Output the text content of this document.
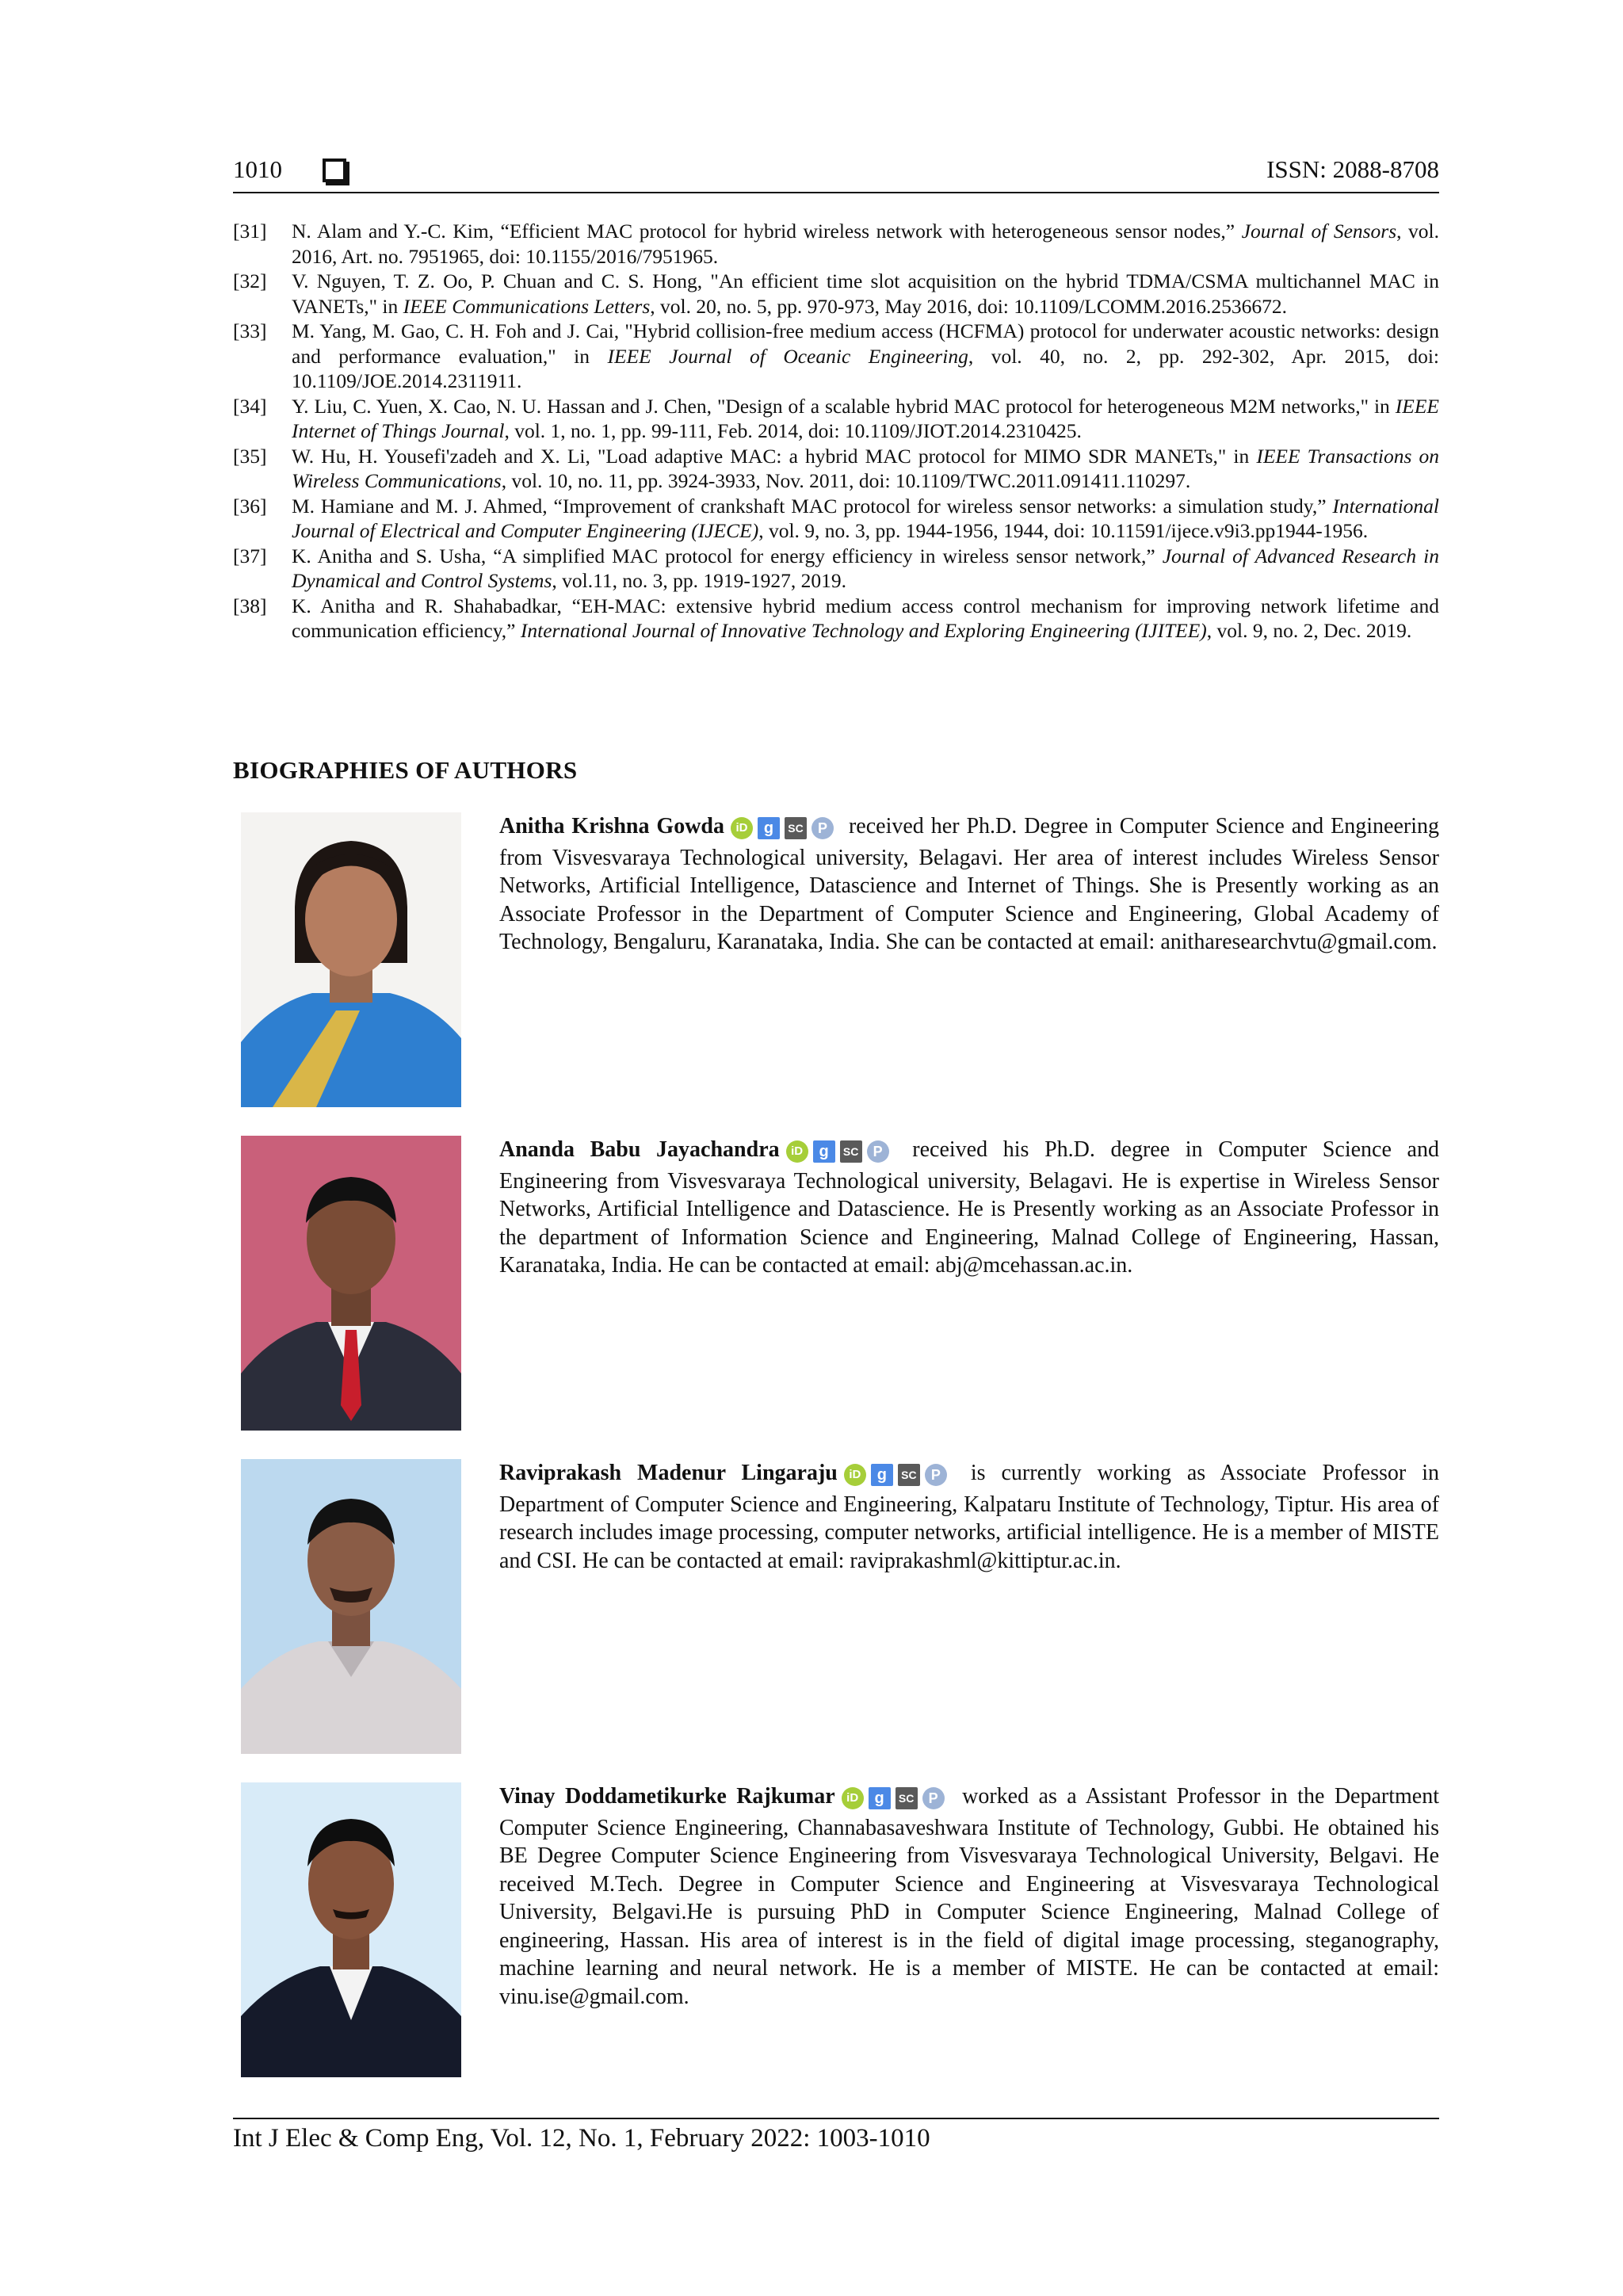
1010	ISSN: 2088-8708

[31] N. Alam and Y.-C. Kim, “Efficient MAC protocol for hybrid wireless network with heterogeneous sensor nodes,” Journal of Sensors, vol. 2016, Art. no. 7951965, doi: 10.1155/2016/7951965.

[32] V. Nguyen, T. Z. Oo, P. Chuan and C. S. Hong, "An efficient time slot acquisition on the hybrid TDMA/CSMA multichannel MAC in VANETs," in IEEE Communications Letters, vol. 20, no. 5, pp. 970-973, May 2016, doi: 10.1109/LCOMM.2016.2536672.

[33] M. Yang, M. Gao, C. H. Foh and J. Cai, "Hybrid collision-free medium access (HCFMA) protocol for underwater acoustic networks: design and performance evaluation," in IEEE Journal of Oceanic Engineering, vol. 40, no. 2, pp. 292-302, Apr. 2015, doi: 10.1109/JOE.2014.2311911.

[34] Y. Liu, C. Yuen, X. Cao, N. U. Hassan and J. Chen, "Design of a scalable hybrid MAC protocol for heterogeneous M2M networks," in IEEE Internet of Things Journal, vol. 1, no. 1, pp. 99-111, Feb. 2014, doi: 10.1109/JIOT.2014.2310425.

[35] W. Hu, H. Yousefi'zadeh and X. Li, "Load adaptive MAC: a hybrid MAC protocol for MIMO SDR MANETs," in IEEE Transactions on Wireless Communications, vol. 10, no. 11, pp. 3924-3933, Nov. 2011, doi: 10.1109/TWC.2011.091411.110297.

[36] M. Hamiane and M. J. Ahmed, “Improvement of crankshaft MAC protocol for wireless sensor networks: a simulation study,” International Journal of Electrical and Computer Engineering (IJECE), vol. 9, no. 3, pp. 1944-1956, 1944, doi: 10.11591/ijece.v9i3.pp1944-1956.

[37] K. Anitha and S. Usha, “A simplified MAC protocol for energy efficiency in wireless sensor network,” Journal of Advanced Research in Dynamical and Control Systems, vol.11, no. 3, pp. 1919-1927, 2019.

[38] K. Anitha and R. Shahabadkar, “EH-MAC: extensive hybrid medium access control mechanism for improving network lifetime and communication efficiency,” International Journal of Innovative Technology and Exploring Engineering (IJITEE), vol. 9, no. 2, Dec. 2019.

BIOGRAPHIES OF AUTHORS
Anitha Krishna Gowda iD g SC P received her Ph.D. Degree in Computer Science and Engineering from Visvesvaraya Technological university, Belagavi. Her area of interest includes Wireless Sensor Networks, Artificial Intelligence, Datascience and Internet of Things. She is Presently working as an Associate Professor in the Department of Computer Science and Engineering, Global Academy of Technology, Bengaluru, Karanataka, India. She can be contacted at email: anitharesearchvtu@gmail.com.
Ananda Babu Jayachandra iD g SC P received his Ph.D. degree in Computer Science and Engineering from Visvesvaraya Technological university, Belagavi. He is expertise in Wireless Sensor Networks, Artificial Intelligence and Datascience. He is Presently working as an Associate Professor in the department of Information Science and Engineering, Malnad College of Engineering, Hassan, Karanataka, India. He can be contacted at email: abj@mcehassan.ac.in.
Raviprakash Madenur Lingaraju iD g SC P is currently working as Associate Professor in Department of Computer Science and Engineering, Kalpataru Institute of Technology, Tiptur. His area of research includes image processing, computer networks, artificial intelligence. He is a member of MISTE and CSI. He can be contacted at email: raviprakashml@kittiptur.ac.in.
Vinay Doddametikurke Rajkumar iD g SC P worked as a Assistant Professor in the Department Computer Science Engineering, Channabasaveshwara Institute of Technology, Gubbi. He obtained his BE Degree Computer Science Engineering from Visvesvaraya Technological University, Belgavi. He received M.Tech. Degree in Computer Science and Engineering at Visvesvaraya Technological University, Belgavi.He is pursuing PhD in Computer Science Engineering, Malnad College of engineering, Hassan. His area of interest is in the field of digital image processing, steganography, machine learning and neural network. He is a member of MISTE. He can be contacted at email: vinu.ise@gmail.com.
Int J Elec & Comp Eng, Vol. 12, No. 1, February 2022: 1003-1010
